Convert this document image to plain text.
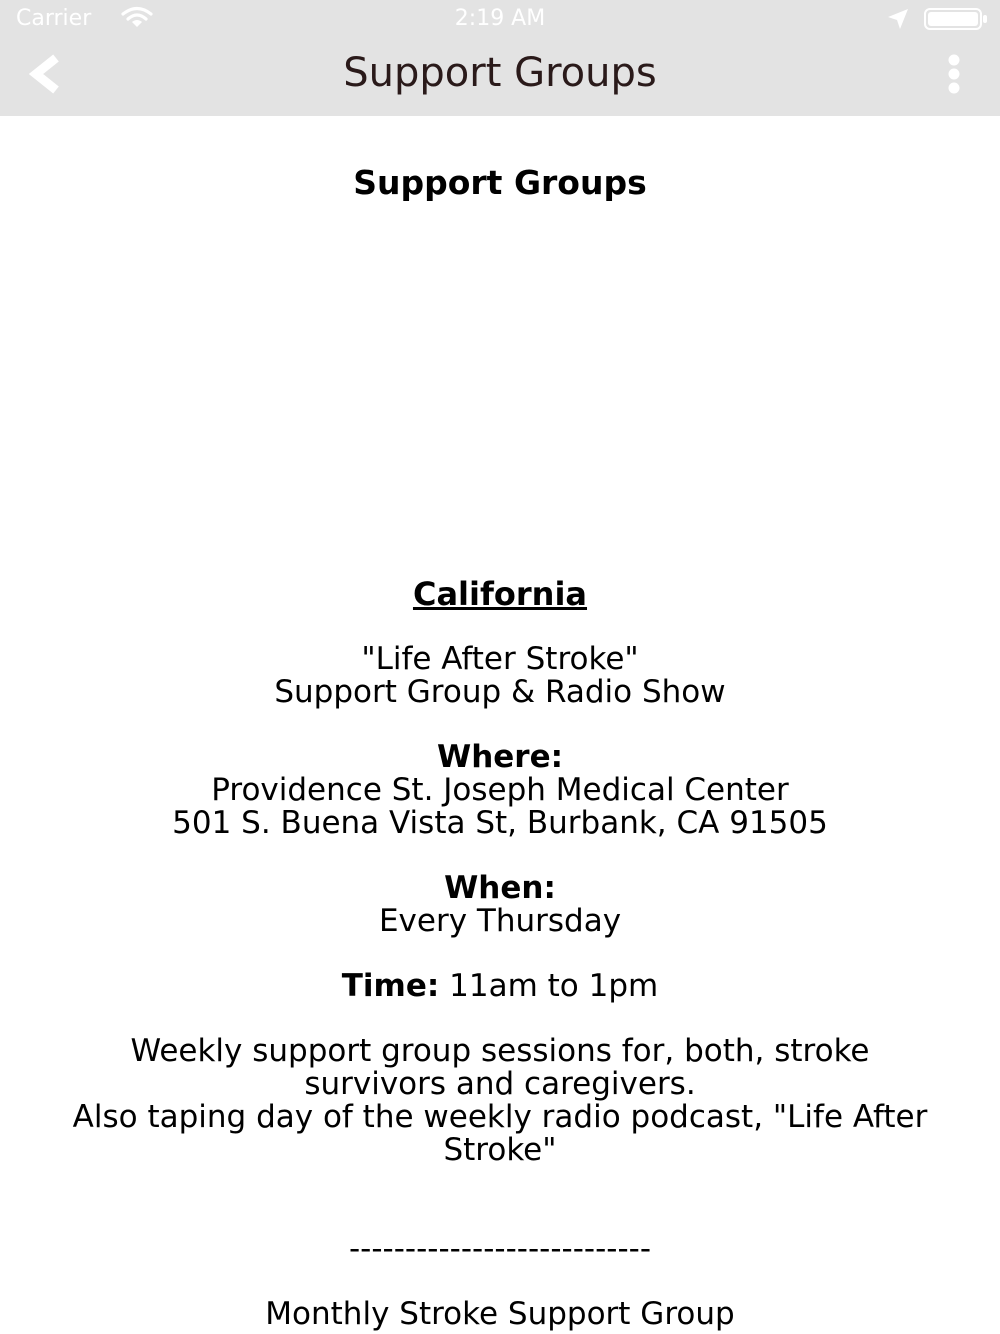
Carrier	2:19 AM
Support Groups
Support Groups
California
"Life After Stroke"
Support Group & Radio Show
Where:
Providence St. Joseph Medical Center
501 S. Buena Vista St, Burbank, CA 91505
When:
Every Thursday
Time: 11am to 1pm
Weekly support group sessions for, both, stroke
survivors and caregivers.
Also taping day of the weekly radio podcast, "Life After
Stroke"
---------------------------
Monthly Stroke Support Group
